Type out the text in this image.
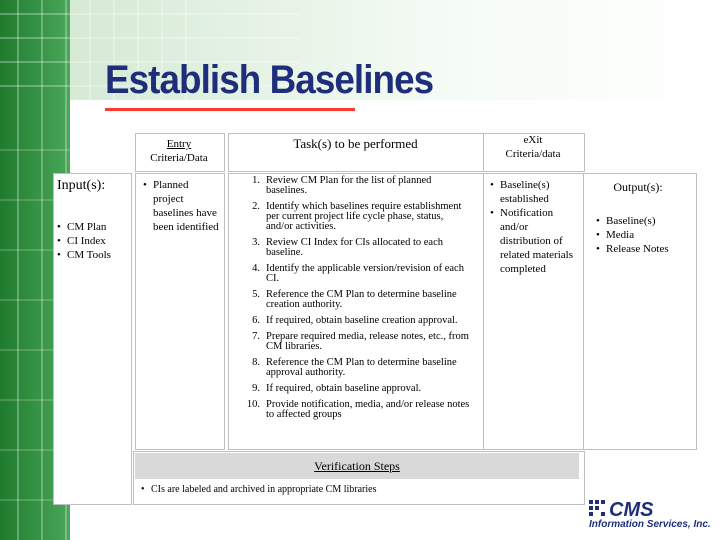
Establish Baselines
Entry
Criteria/Data
Task(s) to be performed	eXit
Criteria/data
Input(s):
• CM Plan
• CI Index
• CM Tools
• Planned project baselines have been identified
1. Review CM Plan for the list of planned baselines.
2. Identify which baselines require establishment per current project life cycle phase, status, and/or activities.
3. Review CI Index for CIs allocated to each baseline.
4. Identify the applicable version/revision of each CI.
5. Reference the CM Plan to determine baseline creation authority.
6. If required, obtain baseline creation approval.
7. Prepare required media, release notes, etc., from CM libraries.
8. Reference the CM Plan to determine baseline approval authority.
9. If required, obtain baseline approval.
10. Provide notification, media, and/or release notes to affected groups
• Baseline(s) established
• Notification and/or distribution of related materials completed
Output(s):
• Baseline(s)
• Media
• Release Notes
Verification Steps
• CIs are labeled and archived in appropriate CM libraries
CMS
Information Services, Inc.
